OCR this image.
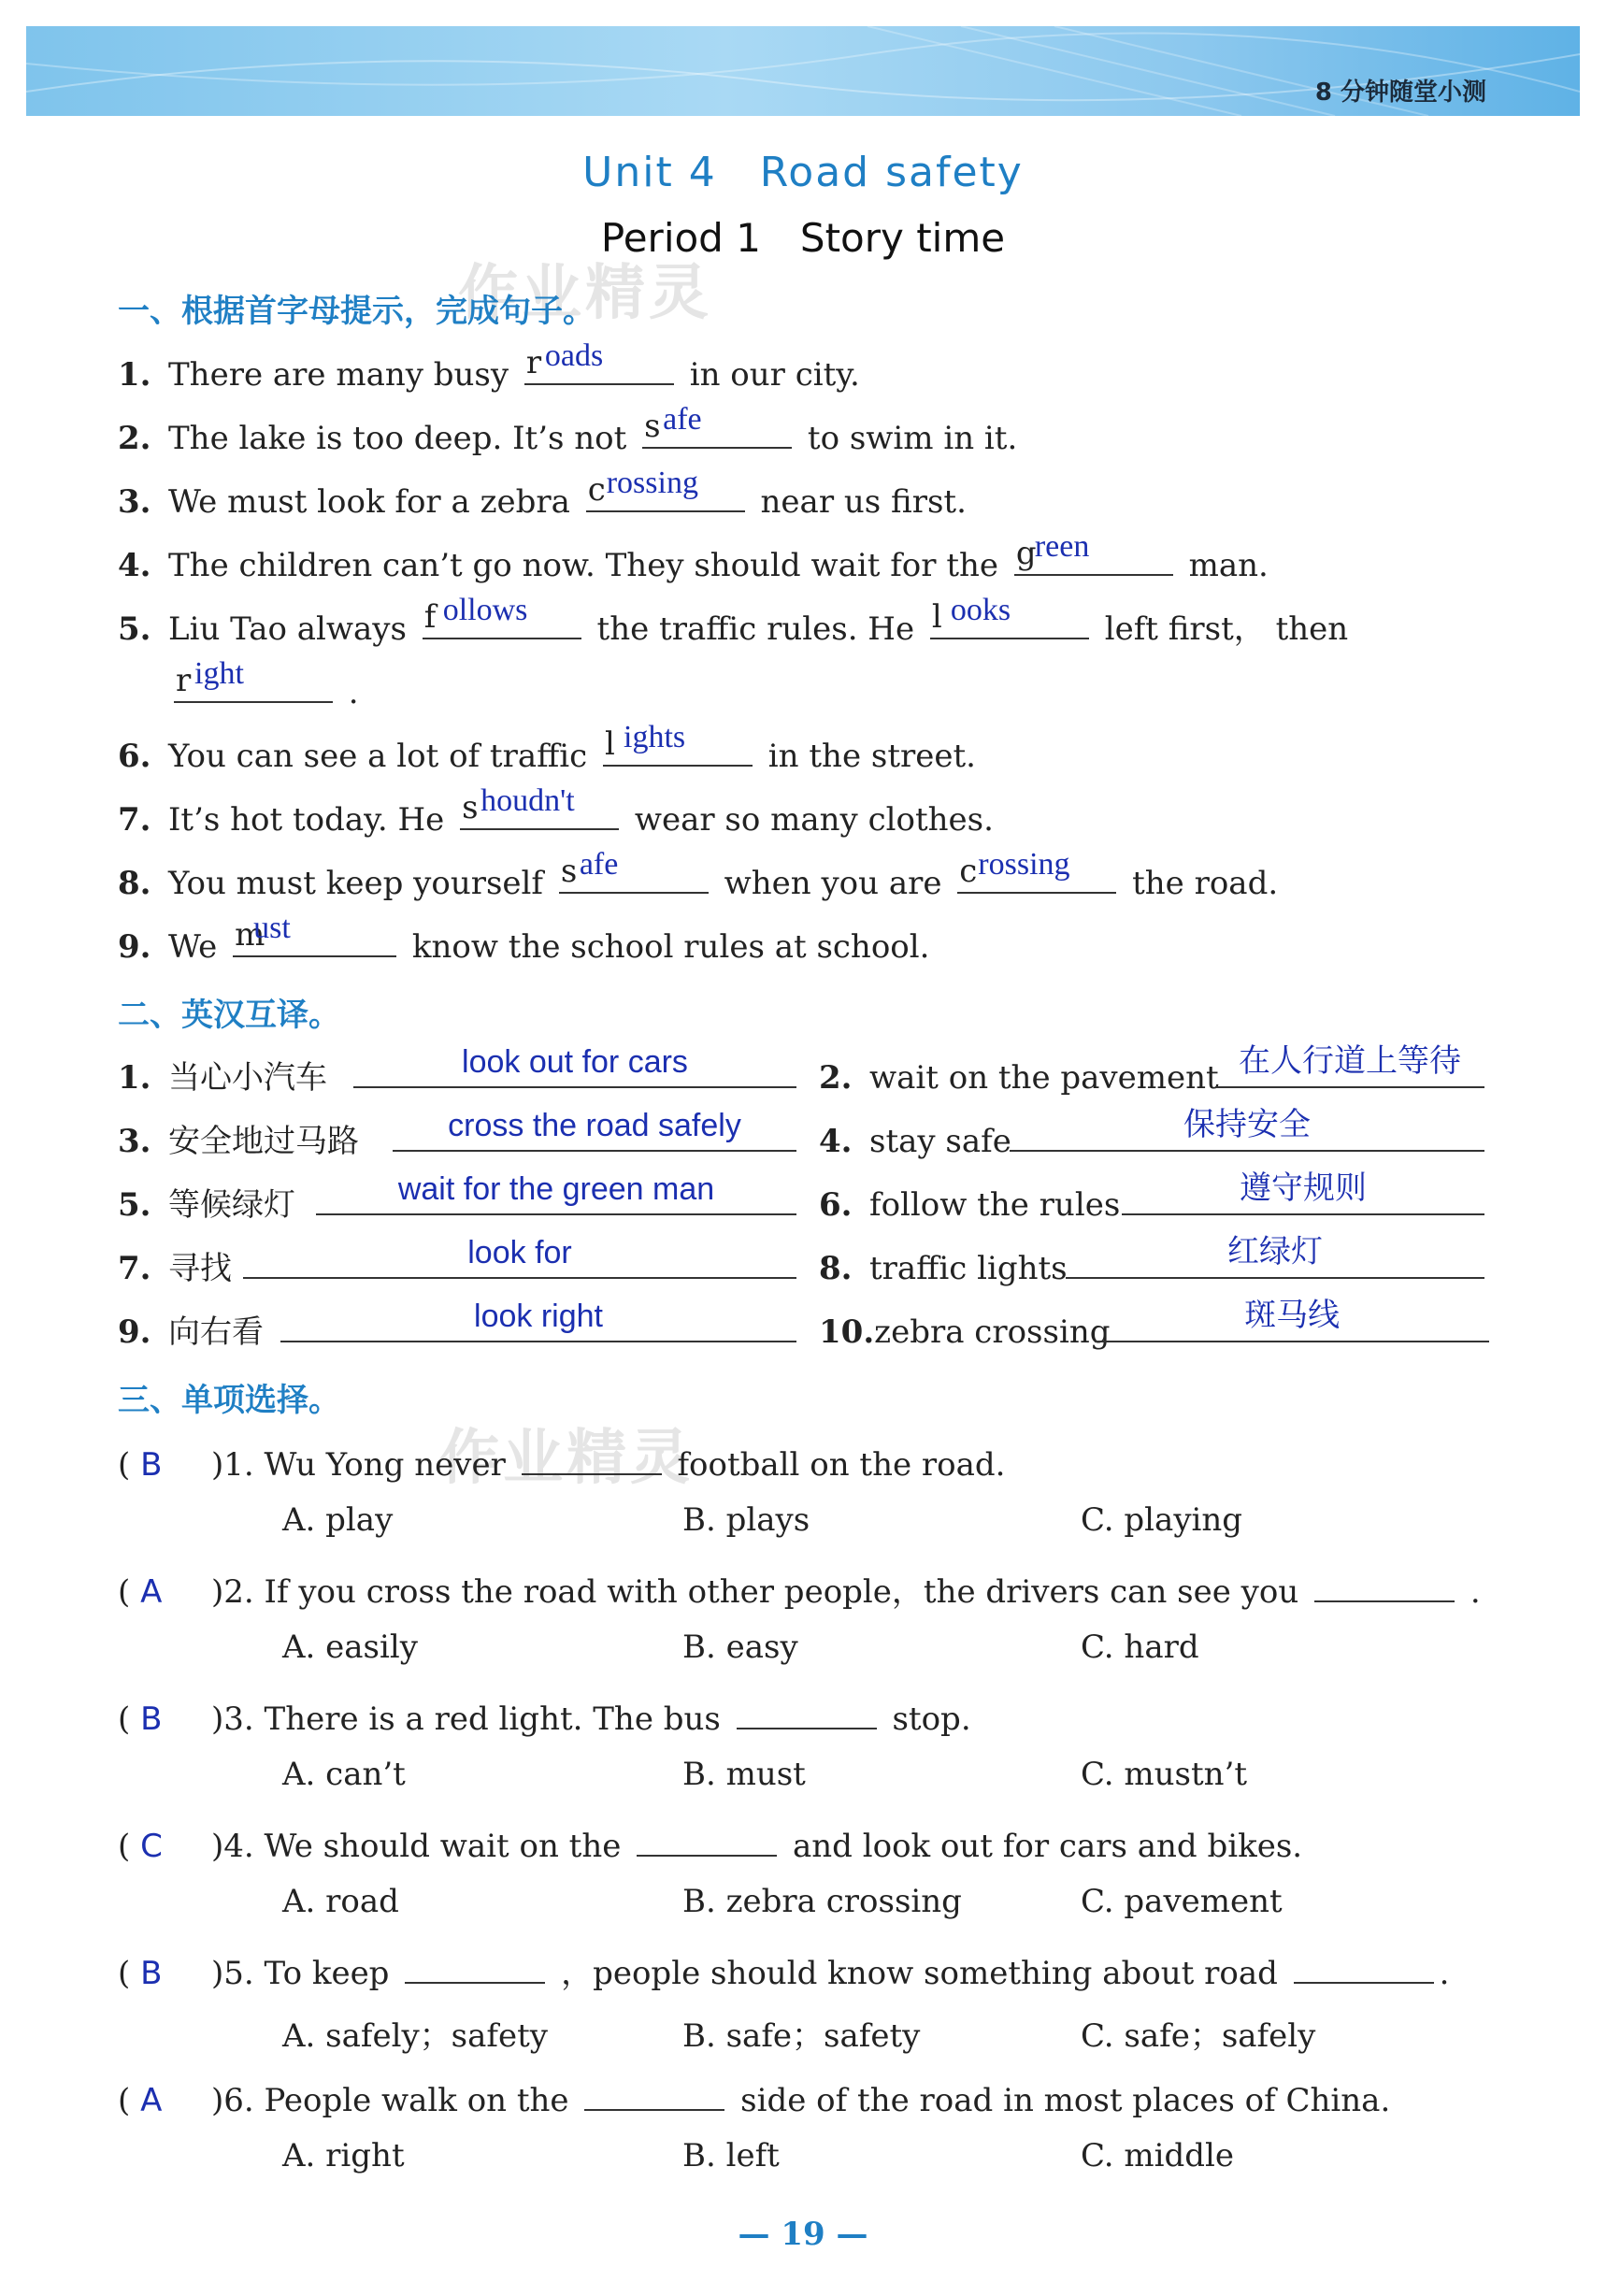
8 分钟随堂小测
Unit 4　Road safety
Period 1　Story time
作业精灵
作业精灵
一、根据首字母提示，完成句子。
1. There are many busy r oads
in our city.
2. The lake is too deep. It’s not s afe
to swim in it.
3. We must look for a zebra c rossing
near us first.
4. The children can’t go now. They should wait for the g
reen
man.
5. Liu Tao always f ollows
the traffic rules. He l ooks
left first， then
r ight
.
6. You can see a lot of traffic l ights
in the street.
7. It’s hot today. He s houdn't
wear so many clothes.
8. You must keep yourself s afe
when you are c rossing
the road.
9. We m
ust
know the school rules at school.
二、英汉互译。
1. 当心小汽车	look out for cars
3. 安全地过马路	cross the road safely
5. 等候绿灯	wait for the green man
7. 寻找	look for
9. 向右看	look right
2. wait on the pavement 在人行道上等待
4. stay safe	保持安全
6. follow the rules	遵守规则
8. traffic lights	红绿灯
10.zebra crossing	斑马线
三、单项选择。
( B )1. Wu Yong never	football on the road.
A. play	B. plays	C. playing
( A )2. If you cross the road with other people，the drivers can see you	.
A. easily	B. easy	C. hard
( B )3. There is a red light. The bus	stop.
A. can’t	B. must	C. mustn’t
( C )4. We should wait on the	and look out for cars and bikes.
A. road	B. zebra crossing	C. pavement
( B )5. To keep	，people should know something about road	.
A. safely；safety	B. safe；safety	C. safe；safely
( A )6. People walk on the	side of the road in most places of China.
A. right	B. left	C. middle
— 19 —
